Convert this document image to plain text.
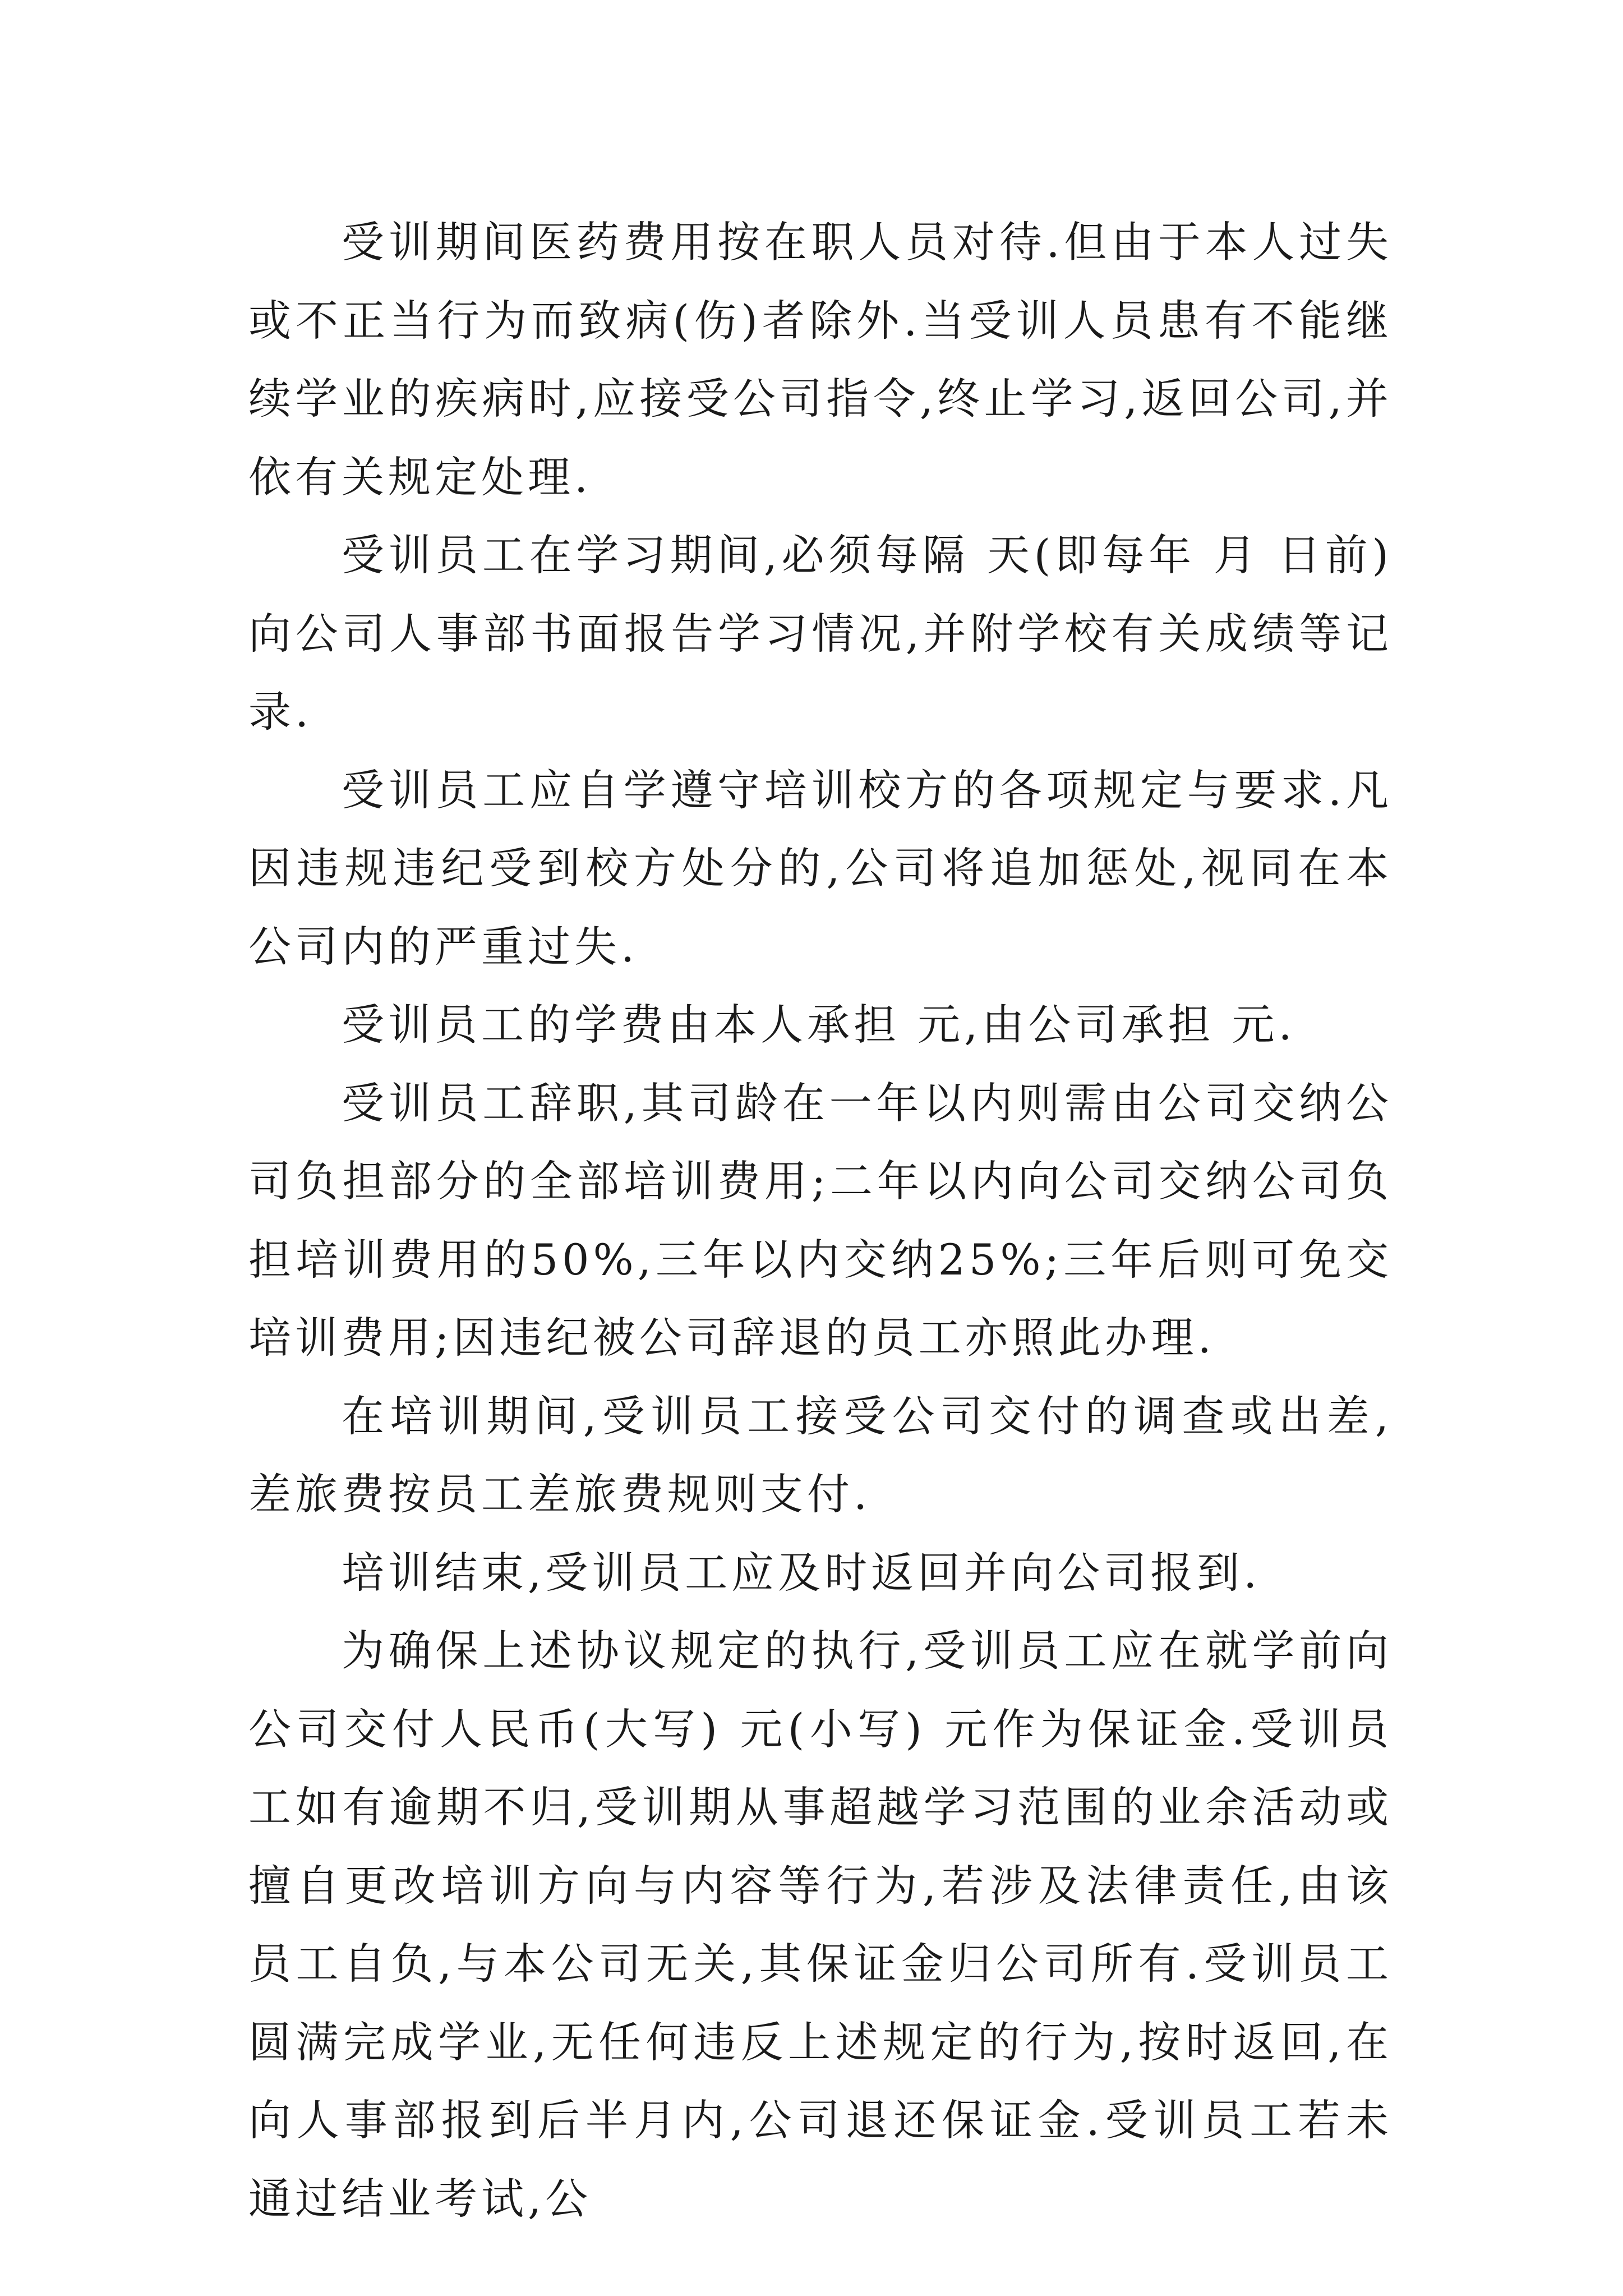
受训期间医药费用按在职人员对待.但由于本人过失或不正当行为而致病(伤)者除外.当受训人员患有不能继续学业的疾病时,应接受公司指令,终止学习,返回公司,并依有关规定处理.

受训员工在学习期间,必须每隔 天(即每年 月 日前)向公司人事部书面报告学习情况,并附学校有关成绩等记录.

受训员工应自学遵守培训校方的各项规定与要求.凡因违规违纪受到校方处分的,公司将追加惩处,视同在本公司内的严重过失.

受训员工的学费由本人承担 元,由公司承担 元.

受训员工辞职,其司龄在一年以内则需由公司交纳公司负担部分的全部培训费用;二年以内向公司交纳公司负担培训费用的50%,三年以内交纳25%;三年后则可免交培训费用;因违纪被公司辞退的员工亦照此办理.

在培训期间,受训员工接受公司交付的调查或出差,差旅费按员工差旅费规则支付.

培训结束,受训员工应及时返回并向公司报到.

为确保上述协议规定的执行,受训员工应在就学前向公司交付人民币(大写) 元(小写) 元作为保证金.受训员工如有逾期不归,受训期从事超越学习范围的业余活动或擅自更改培训方向与内容等行为,若涉及法律责任,由该员工自负,与本公司无关,其保证金归公司所有.受训员工圆满完成学业,无任何违反上述规定的行为,按时返回,在向人事部报到后半月内,公司退还保证金.受训员工若未通过结业考试,公
